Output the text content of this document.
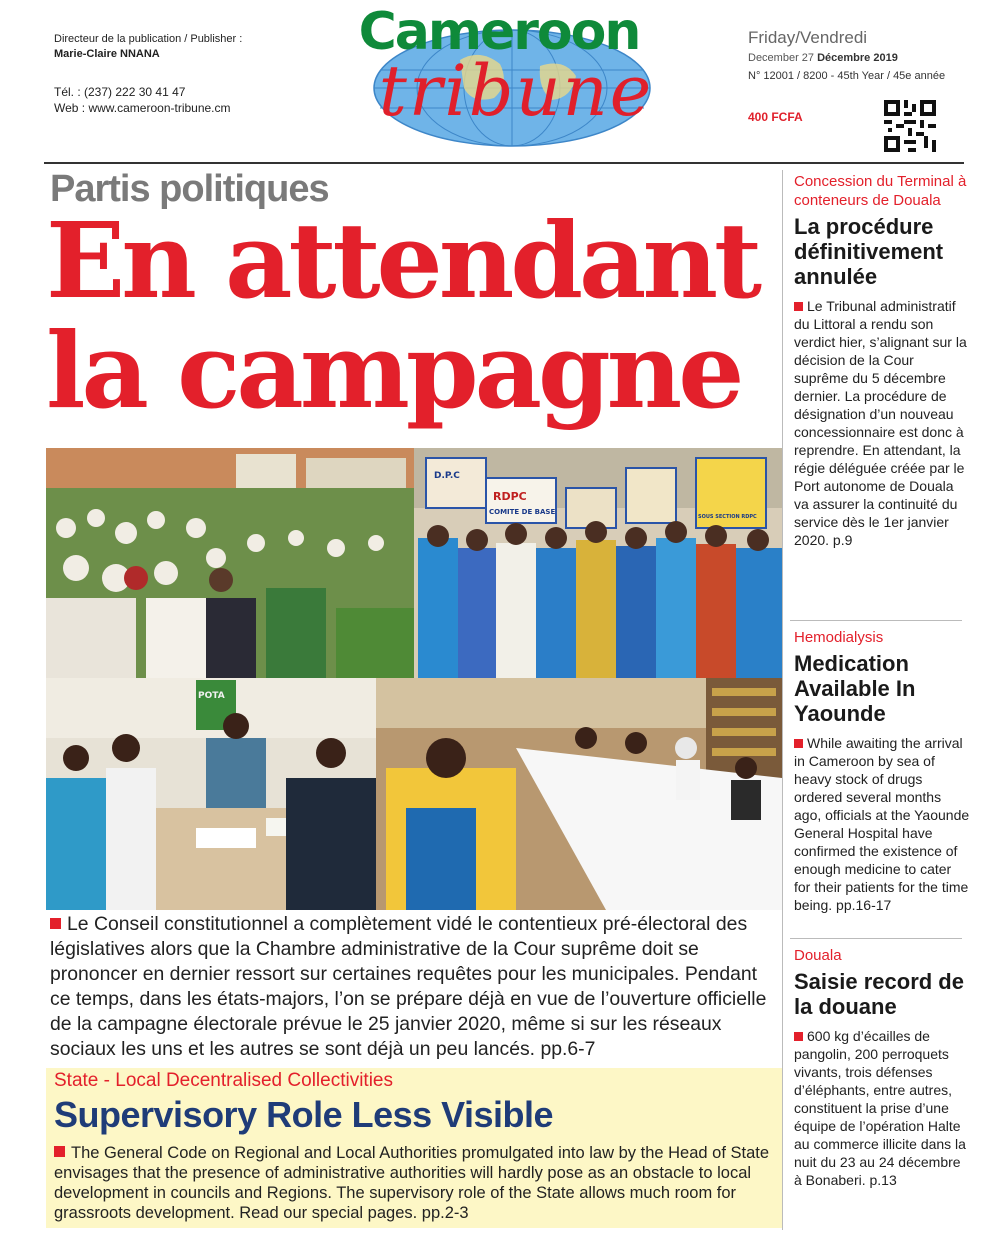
Directeur de la publication / Publisher :
Marie-Claire NNANA
Tél. : (237) 222 30 41 47
Web : www.cameroon-tribune.cm
Cameroon
tribune
Friday/Vendredi
December 27 Décembre 2019
N° 12001 / 8200 - 45th Year / 45e année
400 FCFA
Partis politiques
En attendant
la campagne
RDPC
COMITE DE BASE
D.P.C
SOUS SECTION RDPC
POTA
Le Conseil constitutionnel a complètement vidé le contentieux pré-électoral des législatives alors que la Chambre administrative de la Cour suprême doit se prononcer en dernier ressort sur certaines requêtes pour les municipales. Pendant ce temps, dans les états-majors, l’on se prépare déjà en vue de l’ouverture officielle de la campagne électorale prévue le 25 janvier 2020, même si sur les réseaux sociaux les uns et les autres se sont déjà un peu lancés. pp.6-7
State - Local Decentralised Collectivities
Supervisory Role Less Visible
The General Code on Regional and Local Authorities promulgated into law by the Head of State envisages that the presence of administrative authorities will hardly pose as an obstacle to local development in councils and Regions. The supervisory role of the State allows much room for grassroots development. Read our special pages. pp.2-3
Concession du Terminal à conteneurs de Douala
La procédure définitivement annulée
Le Tribunal administratif du Littoral a rendu son verdict hier, s’alignant sur la décision de la Cour suprême du 5 décembre dernier. La procédure de désignation d’un nouveau concessionnaire est donc à reprendre. En attendant, la régie déléguée créée par le Port autonome de Douala va assurer la continuité du service dès le 1er janvier 2020. p.9
Hemodialysis
Medication Available In Yaounde
While awaiting the arrival in Cameroon by sea of heavy stock of drugs ordered several months ago, officials at the Yaounde General Hospital have confirmed the existence of enough medicine to cater for their patients for the time being. pp.16-17
Douala
Saisie record de la douane
600 kg d’écailles de pangolin, 200 perroquets vivants, trois défenses d’éléphants, entre autres, constituent la prise d’une équipe de l’opération Halte au commerce illicite dans la nuit du 23 au 24 décembre à Bonaberi. p.13
